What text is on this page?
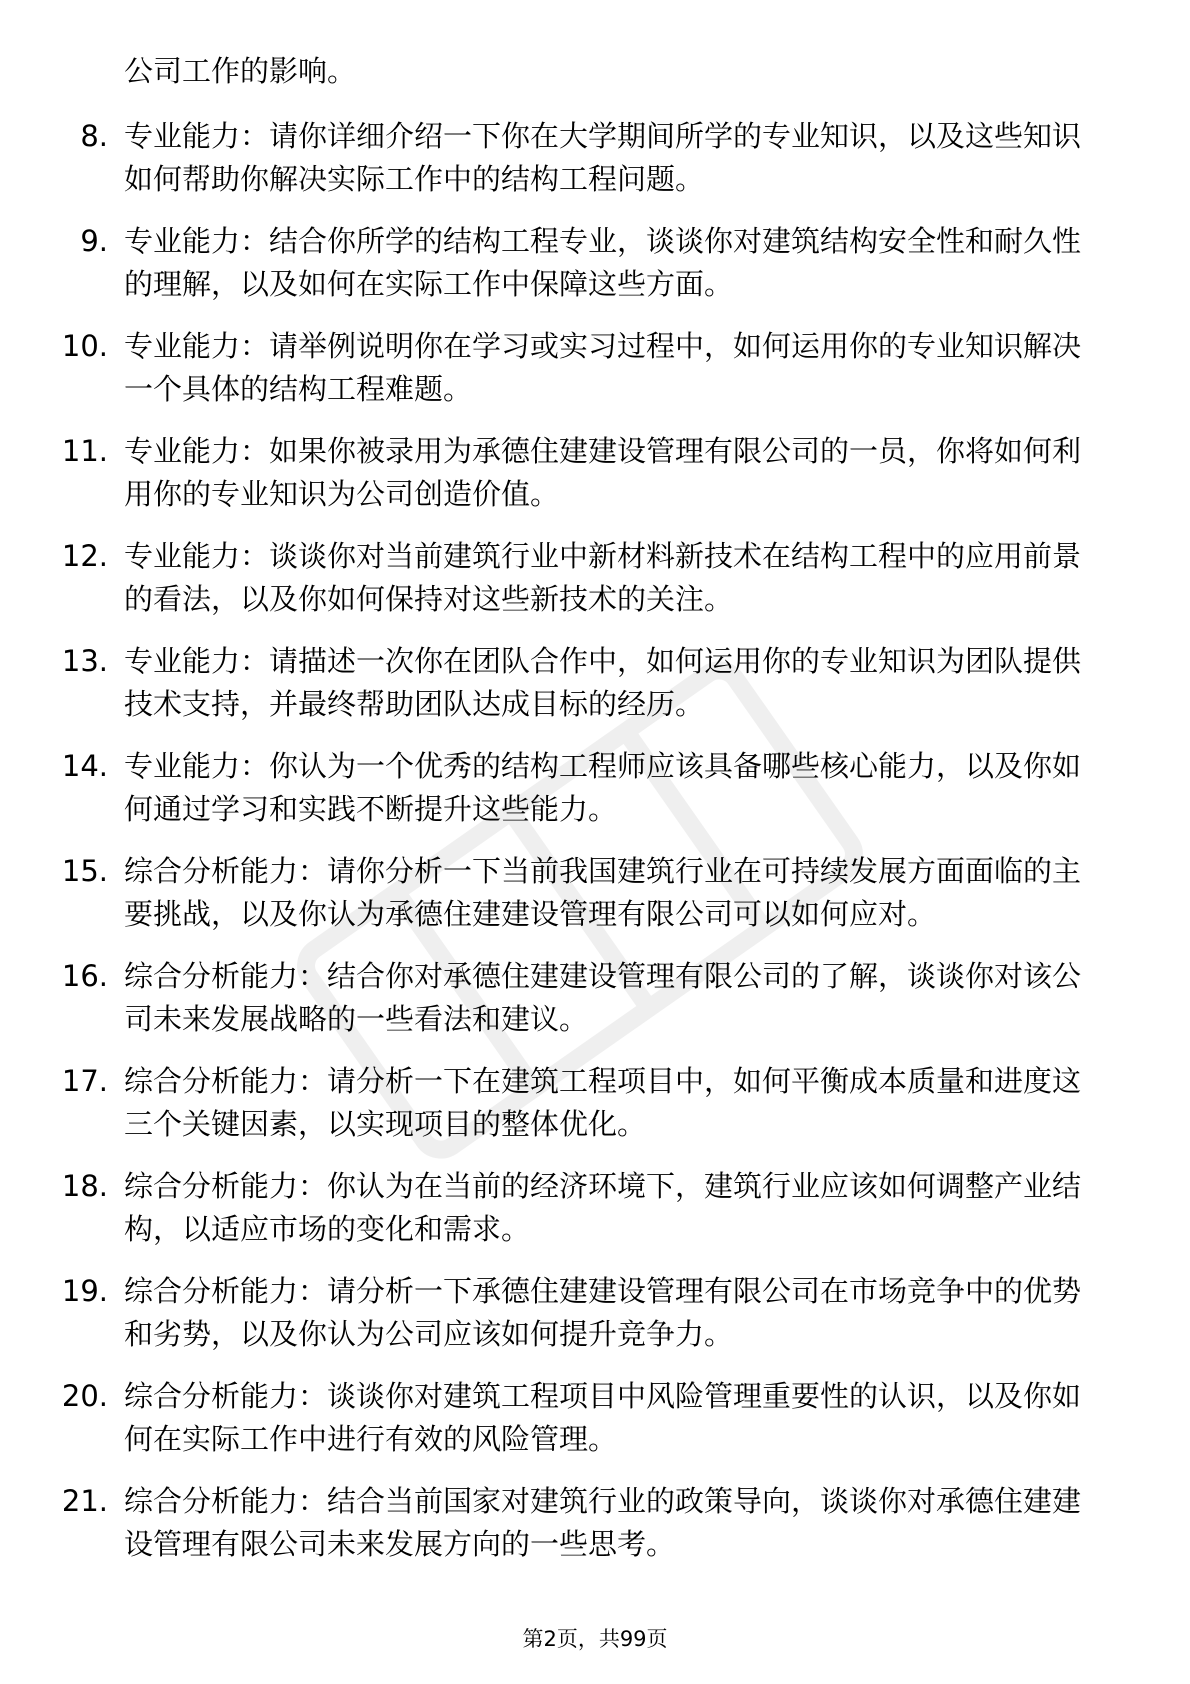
公司工作的影响。
8. 专业能力：请你详细介绍一下你在大学期间所学的专业知识，以及这些知识如何帮助你解决实际工作中的结构工程问题。
9. 专业能力：结合你所学的结构工程专业，谈谈你对建筑结构安全性和耐久性的理解，以及如何在实际工作中保障这些方面。
10. 专业能力：请举例说明你在学习或实习过程中，如何运用你的专业知识解决一个具体的结构工程难题。
11. 专业能力：如果你被录用为承德住建建设管理有限公司的一员，你将如何利用你的专业知识为公司创造价值。
12. 专业能力：谈谈你对当前建筑行业中新材料新技术在结构工程中的应用前景的看法，以及你如何保持对这些新技术的关注。
13. 专业能力：请描述一次你在团队合作中，如何运用你的专业知识为团队提供技术支持，并最终帮助团队达成目标的经历。
14. 专业能力：你认为一个优秀的结构工程师应该具备哪些核心能力，以及你如何通过学习和实践不断提升这些能力。
15. 综合分析能力：请你分析一下当前我国建筑行业在可持续发展方面面临的主要挑战，以及你认为承德住建建设管理有限公司可以如何应对。
16. 综合分析能力：结合你对承德住建建设管理有限公司的了解，谈谈你对该公司未来发展战略的一些看法和建议。
17. 综合分析能力：请分析一下在建筑工程项目中，如何平衡成本质量和进度这三个关键因素，以实现项目的整体优化。
18. 综合分析能力：你认为在当前的经济环境下，建筑行业应该如何调整产业结构，以适应市场的变化和需求。
19. 综合分析能力：请分析一下承德住建建设管理有限公司在市场竞争中的优势和劣势，以及你认为公司应该如何提升竞争力。
20. 综合分析能力：谈谈你对建筑工程项目中风险管理重要性的认识，以及你如何在实际工作中进行有效的风险管理。
21. 综合分析能力：结合当前国家对建筑行业的政策导向，谈谈你对承德住建建设管理有限公司未来发展方向的一些思考。
第2页，共99页
